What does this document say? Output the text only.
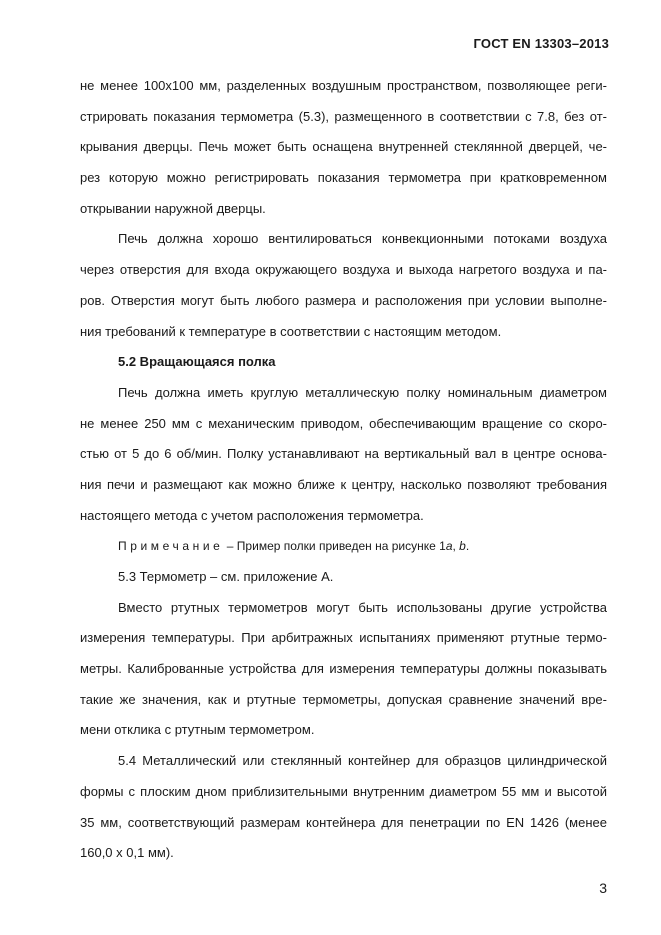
ГОСТ EN 13303–2013
не менее 100х100 мм, разделенных воздушным пространством, позволяющее реги-
стрировать показания термометра (5.3), размещенного в соответствии с 7.8, без от-
крывания дверцы. Печь может быть оснащена внутренней стеклянной дверцей, че-
рез которую можно регистрировать показания термометра при кратковременном
открывании наружной дверцы.
Печь должна хорошо вентилироваться конвекционными потоками воздуха
через отверстия для входа окружающего воздуха и выхода нагретого воздуха и па-
ров. Отверстия могут быть любого размера и расположения при условии выполне-
ния требований к температуре в соответствии с настоящим методом.
5.2 Вращающаяся полка
Печь должна иметь круглую металлическую полку номинальным диаметром
не менее 250 мм с механическим приводом, обеспечивающим вращение со скоро-
стью от 5 до 6 об/мин. Полку устанавливают на вертикальный вал в центре основа-
ния печи и размещают как можно ближе к центру, насколько позволяют требования
настоящего метода с учетом расположения термометра.
Примечание – Пример полки приведен на рисунке 1а, b.
5.3 Термометр – см. приложение А.
Вместо ртутных термометров могут быть использованы другие устройства
измерения температуры. При арбитражных испытаниях применяют ртутные термо-
метры. Калиброванные устройства для измерения температуры должны показывать
такие же значения, как и ртутные термометры, допуская сравнение значений вре-
мени отклика с ртутным термометром.
5.4 Металлический или стеклянный контейнер для образцов цилиндрической
формы с плоским дном приблизительными внутренним диаметром 55 мм и высотой
35 мм, соответствующий размерам контейнера для пенетрации по EN 1426 (менее
160,0 х 0,1 мм).
3
